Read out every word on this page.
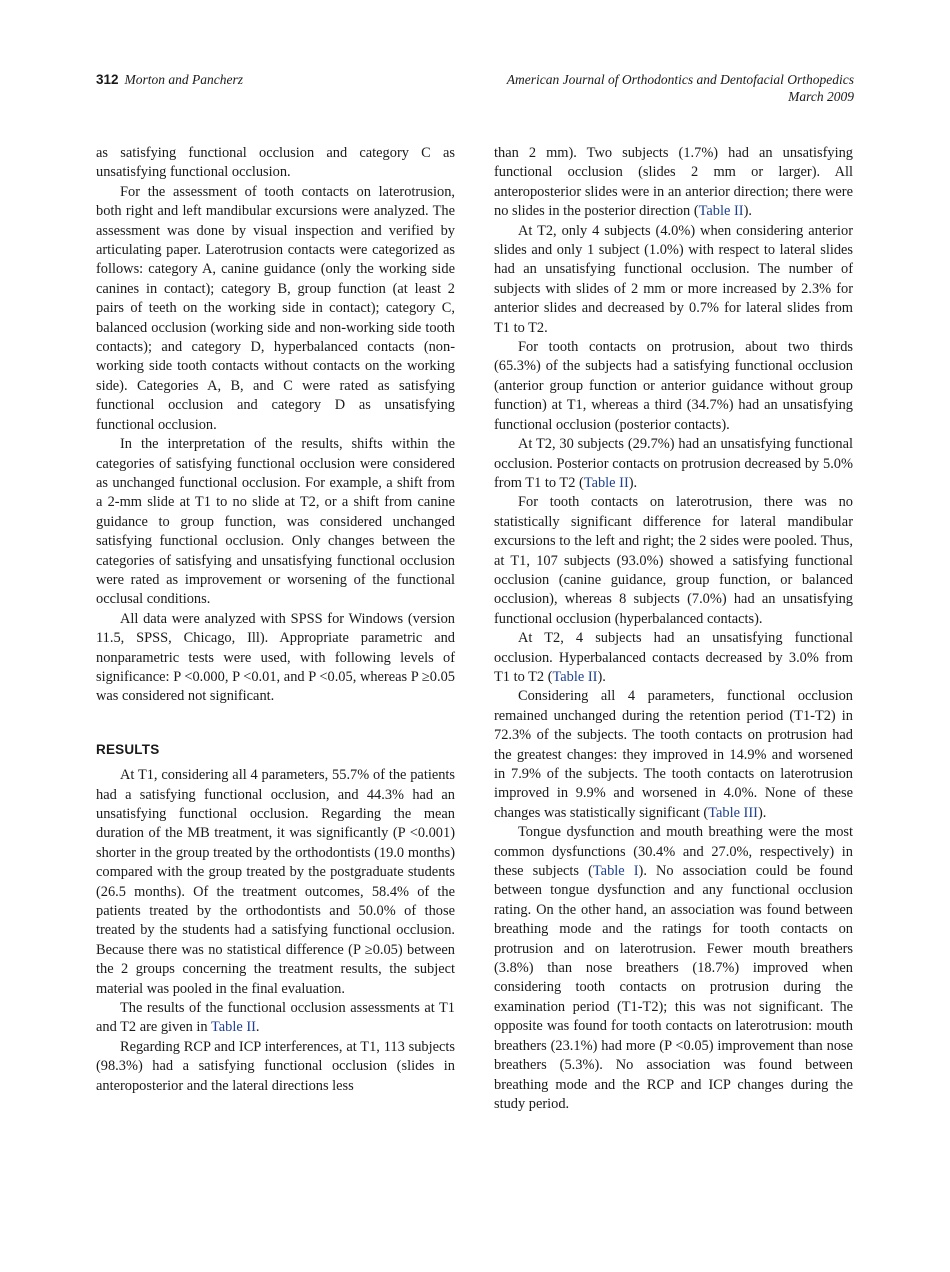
312 Morton and Pancherz	American Journal of Orthodontics and Dentofacial Orthopedics
March 2009

as satisfying functional occlusion and category C as unsatisfying functional occlusion.

For the assessment of tooth contacts on laterotrusion, both right and left mandibular excursions were analyzed. The assessment was done by visual inspection and verified by articulating paper. Laterotrusion contacts were categorized as follows: category A, canine guidance (only the working side canines in contact); category B, group function (at least 2 pairs of teeth on the working side in contact); category C, balanced occlusion (working side and non-working side tooth contacts); and category D, hyperbalanced contacts (non-working side tooth contacts without contacts on the working side). Categories A, B, and C were rated as satisfying functional occlusion and category D as unsatisfying functional occlusion.

In the interpretation of the results, shifts within the categories of satisfying functional occlusion were considered as unchanged functional occlusion. For example, a shift from a 2-mm slide at T1 to no slide at T2, or a shift from canine guidance to group function, was considered unchanged satisfying functional occlusion. Only changes between the categories of satisfying and unsatisfying functional occlusion were rated as improvement or worsening of the functional occlusal conditions.

All data were analyzed with SPSS for Windows (version 11.5, SPSS, Chicago, Ill). Appropriate parametric and nonparametric tests were used, with following levels of significance: P <0.000, P <0.01, and P <0.05, whereas P ≥0.05 was considered not significant.

RESULTS

At T1, considering all 4 parameters, 55.7% of the patients had a satisfying functional occlusion, and 44.3% had an unsatisfying functional occlusion. Regarding the mean duration of the MB treatment, it was significantly (P <0.001) shorter in the group treated by the orthodontists (19.0 months) compared with the group treated by the postgraduate students (26.5 months). Of the treatment outcomes, 58.4% of the patients treated by the orthodontists and 50.0% of those treated by the students had a satisfying functional occlusion. Because there was no statistical difference (P ≥0.05) between the 2 groups concerning the treatment results, the subject material was pooled in the final evaluation.

The results of the functional occlusion assessments at T1 and T2 are given in Table II.

Regarding RCP and ICP interferences, at T1, 113 subjects (98.3%) had a satisfying functional occlusion (slides in anteroposterior and the lateral directions less

than 2 mm). Two subjects (1.7%) had an unsatisfying functional occlusion (slides 2 mm or larger). All anteroposterior slides were in an anterior direction; there were no slides in the posterior direction (Table II).

At T2, only 4 subjects (4.0%) when considering anterior slides and only 1 subject (1.0%) with respect to lateral slides had an unsatisfying functional occlusion. The number of subjects with slides of 2 mm or more increased by 2.3% for anterior slides and decreased by 0.7% for lateral slides from T1 to T2.

For tooth contacts on protrusion, about two thirds (65.3%) of the subjects had a satisfying functional occlusion (anterior group function or anterior guidance without group function) at T1, whereas a third (34.7%) had an unsatisfying functional occlusion (posterior contacts).

At T2, 30 subjects (29.7%) had an unsatisfying functional occlusion. Posterior contacts on protrusion decreased by 5.0% from T1 to T2 (Table II).

For tooth contacts on laterotrusion, there was no statistically significant difference for lateral mandibular excursions to the left and right; the 2 sides were pooled. Thus, at T1, 107 subjects (93.0%) showed a satisfying functional occlusion (canine guidance, group function, or balanced occlusion), whereas 8 subjects (7.0%) had an unsatisfying functional occlusion (hyperbalanced contacts).

At T2, 4 subjects had an unsatisfying functional occlusion. Hyperbalanced contacts decreased by 3.0% from T1 to T2 (Table II).

Considering all 4 parameters, functional occlusion remained unchanged during the retention period (T1-T2) in 72.3% of the subjects. The tooth contacts on protrusion had the greatest changes: they improved in 14.9% and worsened in 7.9% of the subjects. The tooth contacts on laterotrusion improved in 9.9% and worsened in 4.0%. None of these changes was statistically significant (Table III).

Tongue dysfunction and mouth breathing were the most common dysfunctions (30.4% and 27.0%, respectively) in these subjects (Table I). No association could be found between tongue dysfunction and any functional occlusion rating. On the other hand, an association was found between breathing mode and the ratings for tooth contacts on protrusion and on laterotrusion. Fewer mouth breathers (3.8%) than nose breathers (18.7%) improved when considering tooth contacts on protrusion during the examination period (T1-T2); this was not significant. The opposite was found for tooth contacts on laterotrusion: mouth breathers (23.1%) had more (P <0.05) improvement than nose breathers (5.3%). No association was found between breathing mode and the RCP and ICP changes during the study period.
